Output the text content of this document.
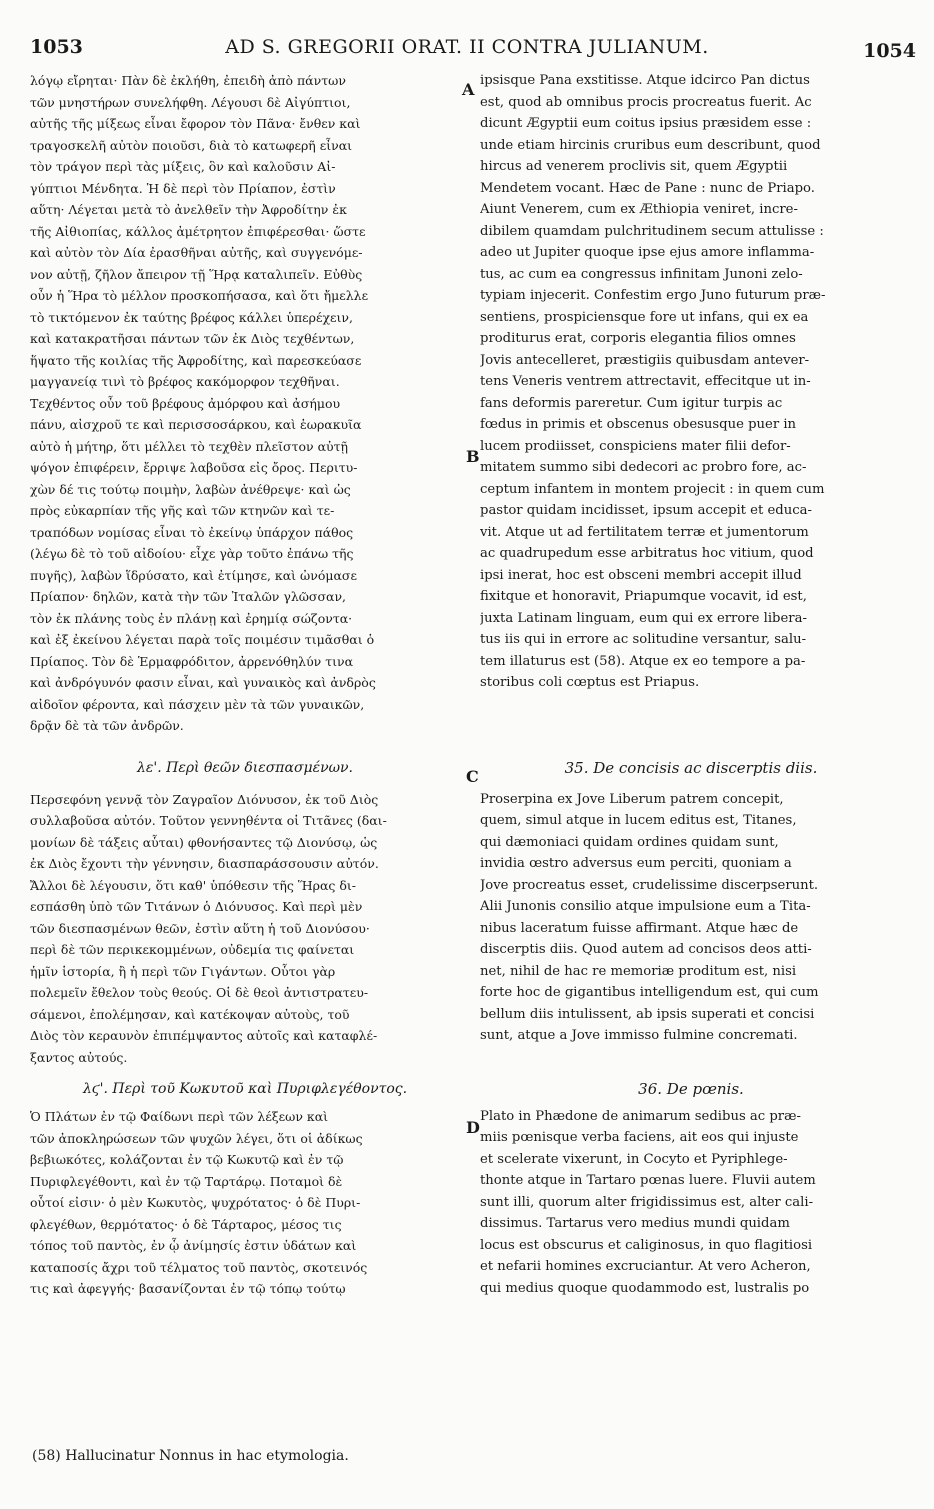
1053	AD S. GREGORII ORAT. II CONTRA JULIANUM.	1054
λόγῳ εἴρηται· Πὰν δὲ ἐκλήθη, ἐπειδὴ ἀπὸ πάντων
τῶν μνηστήρων συνελήφθη. Λέγουσι δὲ Αἰγύπτιοι,
αὐτῆς τῆς μίξεως εἶναι ἔφορον τὸν Πᾶνα· ἔνθεν καὶ
τραγοσκελῆ αὐτὸν ποιοῦσι, διὰ τὸ κατωφερῆ εἶναι
τὸν τράγον περὶ τὰς μίξεις, ὃν καὶ καλοῦσιν Αἰ-
γύπτιοι Μένδητα. Ἡ δὲ περὶ τὸν Πρίαπον, ἐστὶν
αὕτη· Λέγεται μετὰ τὸ ἀνελθεῖν τὴν Ἀφροδίτην ἐκ
τῆς Αἰθιοπίας, κάλλος ἀμέτρητον ἐπιφέρεσθαι· ὥστε
καὶ αὐτὸν τὸν Δία ἐρασθῆναι αὐτῆς, καὶ συγγενόμε-
νον αὐτῇ, ζῆλον ἄπειρον τῇ Ἥρᾳ καταλιπεῖν. Εὐθὺς
οὖν ἡ Ἥρα τὸ μέλλον προσκοπήσασα, καὶ ὅτι ἤμελλε
τὸ τικτόμενον ἐκ ταύτης βρέφος κάλλει ὑπερέχειν,
καὶ κατακρατῆσαι πάντων τῶν ἐκ Διὸς τεχθέντων,
ἥψατο τῆς κοιλίας τῆς Ἀφροδίτης, καὶ παρεσκεύασε
μαγγανείᾳ τινὶ τὸ βρέφος κακόμορφον τεχθῆναι.
Τεχθέντος οὖν τοῦ βρέφους ἀμόρφου καὶ ἀσήμου
πάνυ, αἰσχροῦ τε καὶ περισσοσάρκου, καὶ ἑωρακυῖα
αὐτὸ ἡ μήτηρ, ὅτι μέλλει τὸ τεχθὲν πλεῖστον αὐτῇ
ψόγον ἐπιφέρειν, ἔρριψε λαβοῦσα εἰς ὄρος. Περιτυ-
χὼν δέ τις τούτῳ ποιμὴν, λαβὼν ἀνέθρεψε· καὶ ὡς
πρὸς εὐκαρπίαν τῆς γῆς καὶ τῶν κτηνῶν καὶ τε-
τραπόδων νομίσας εἶναι τὸ ἐκείνῳ ὑπάρχον πάθος
(λέγω δὲ τὸ τοῦ αἰδοίου· εἶχε γὰρ τοῦτο ἐπάνω τῆς
πυγῆς), λαβὼν ἵδρύσατο, καὶ ἐτίμησε, καὶ ὠνόμασε
Πρίαπον· δηλῶν, κατὰ τὴν τῶν Ἰταλῶν γλῶσσαν,
τὸν ἐκ πλάνης τοὺς ἐν πλάνῃ καὶ ἐρημίᾳ σώζοντα·
καὶ ἐξ ἐκείνου λέγεται παρὰ τοῖς ποιμέσιν τιμᾶσθαι ὁ
Πρίαπος. Τὸν δὲ Ἑρμαφρόδιτον, ἀρρενόθηλύν τινα
καὶ ἀνδρόγυνόν φασιν εἶναι, καὶ γυναικὸς καὶ ἀνδρὸς
αἰδοῖον φέροντα, καὶ πάσχειν μὲν τὰ τῶν γυναικῶν,
δρᾷν δὲ τὰ τῶν ἀνδρῶν.
λε'. Περὶ θεῶν διεσπασμένων.
Περσεφόνη γεννᾷ τὸν Ζαγραῖον Διόνυσον, ἐκ τοῦ Διὸς
συλλαβοῦσα αὐτόν. Τοῦτον γεννηθέντα οἱ Τιτᾶνες (δαι-
μονίων δὲ τάξεις αὗται) φθονήσαντες τῷ Διονύσῳ, ὡς
ἐκ Διὸς ἔχοντι τὴν γέννησιν, διασπαράσσουσιν αὐτόν.
Ἄλλοι δὲ λέγουσιν, ὅτι καθ' ὑπόθεσιν τῆς Ἥρας δι-
εσπάσθη ὑπὸ τῶν Τιτάνων ὁ Διόνυσος. Καὶ περὶ μὲν
τῶν διεσπασμένων θεῶν, ἐστὶν αὕτη ἡ τοῦ Διονύσου·
περὶ δὲ τῶν περικεκομμένων, οὐδεμία τις φαίνεται
ἡμῖν ἱστορία, ἢ ἡ περὶ τῶν Γιγάντων. Οὗτοι γὰρ
πολεμεῖν ἔθελον τοὺς θεούς. Οἱ δὲ θεοὶ ἀντιστρατευ-
σάμενοι, ἐπολέμησαν, καὶ κατέκοψαν αὐτοὺς, τοῦ
Διὸς τὸν κεραυνὸν ἐπιπέμψαντος αὐτοῖς καὶ καταφλέ-
ξαντος αὐτούς.
λϛ'. Περὶ τοῦ Κωκυτοῦ καὶ Πυριφλεγέθοντος.
Ὁ Πλάτων ἐν τῷ Φαίδωνι περὶ τῶν λέξεων καὶ
τῶν ἀποκληρώσεων τῶν ψυχῶν λέγει, ὅτι οἱ ἀδίκως
βεβιωκότες, κολάζονται ἐν τῷ Κωκυτῷ καὶ ἐν τῷ
Πυριφλεγέθοντι, καὶ ἐν τῷ Ταρτάρῳ. Ποταμοὶ δὲ
οὗτοί εἰσιν· ὁ μὲν Κωκυτὸς, ψυχρότατος· ὁ δὲ Πυρι-
φλεγέθων, θερμότατος· ὁ δὲ Τάρταρος, μέσος τις
τόπος τοῦ παντὸς, ἐν ᾧ ἀνίμησίς ἐστιν ὑδάτων καὶ
καταποσίς ἄχρι τοῦ τέλματος τοῦ παντὸς, σκοτεινός
τις καὶ ἀφεγγής· βασανίζονται ἐν τῷ τόπῳ τούτῳ
ipsisque Pana exstitisse. Atque idcirco Pan dictus
est, quod ab omnibus procis procreatus fuerit. Ac
dicunt Ægyptii eum coitus ipsius præsidem esse :
unde etiam hircinis cruribus eum describunt, quod
hircus ad venerem proclivis sit, quem Ægyptii
Mendetem vocant. Hæc de Pane : nunc de Priapo.
Aiunt Venerem, cum ex Æthiopia veniret, incre-
dibilem quamdam pulchritudinem secum attulisse :
adeo ut Jupiter quoque ipse ejus amore inflamma-
tus, ac cum ea congressus infinitam Junoni zelo-
typiam injecerit. Confestim ergo Juno futurum præ-
sentiens, prospiciensque fore ut infans, qui ex ea
proditurus erat, corporis elegantia filios omnes
Jovis antecelleret, præstigiis quibusdam antever-
tens Veneris ventrem attrectavit, effecitque ut in-
fans deformis pareretur. Cum igitur turpis ac
fœdus in primis et obscenus obesusque puer in
lucem prodiisset, conspiciens mater filii defor-
mitatem summo sibi dedecori ac probro fore, ac-
ceptum infantem in montem projecit : in quem cum
pastor quidam incidisset, ipsum accepit et educa-
vit. Atque ut ad fertilitatem terræ et jumentorum
ac quadrupedum esse arbitratus hoc vitium, quod
ipsi inerat, hoc est obsceni membri accepit illud
fixitque et honoravit, Priapumque vocavit, id est,
juxta Latinam linguam, eum qui ex errore libera-
tus iis qui in errore ac solitudine versantur, salu-
tem illaturus est (58). Atque ex eo tempore a pa-
storibus coli cœptus est Priapus.
35. De concisis ac discerptis diis.
Proserpina ex Jove Liberum patrem concepit,
quem, simul atque in lucem editus est, Titanes,
qui dæmoniaci quidam ordines quidam sunt,
invidia œstro adversus eum perciti, quoniam a
Jove procreatus esset, crudelissime discerpserunt.
Alii Junonis consilio atque impulsione eum a Tita-
nibus laceratum fuisse affirmant. Atque hæc de
discerptis diis. Quod autem ad concisos deos atti-
net, nihil de hac re memoriæ proditum est, nisi
forte hoc de gigantibus intelligendum est, qui cum
bellum diis intulissent, ab ipsis superati et concisi
sunt, atque a Jove immisso fulmine concremati.
36. De pœnis.
Plato in Phædone de animarum sedibus ac præ-
miis pœnisque verba faciens, ait eos qui injuste
et scelerate vixerunt, in Cocyto et Pyriphlege-
thonte atque in Tartaro pœnas luere. Fluvii autem
sunt illi, quorum alter frigidissimus est, alter cali-
dissimus. Tartarus vero medius mundi quidam
locus est obscurus et caliginosus, in quo flagitiosi
et nefarii homines excruciantur. At vero Acheron,
qui medius quoque quodammodo est, lustralis po
A
B
C
D
(58) Hallucinatur Nonnus in hac etymologia.
